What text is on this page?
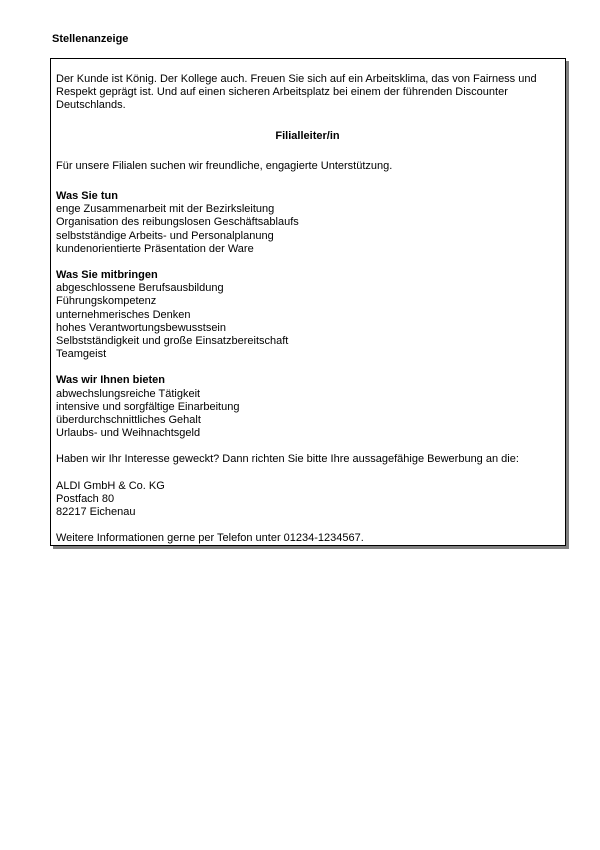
Stellenanzeige

Der Kunde ist König. Der Kollege auch. Freuen Sie sich auf ein Arbeitsklima, das von Fairness und Respekt geprägt ist. Und auf einen sicheren Arbeitsplatz bei einem der führenden Discounter Deutschlands.

Filialleiter/in

Für unsere Filialen suchen wir freundliche, engagierte Unterstützung.

Was Sie tun

enge Zusammenarbeit mit der Bezirksleitung
Organisation des reibungslosen Geschäftsablaufs
selbstständige Arbeits- und Personalplanung
kundenorientierte Präsentation der Ware

Was Sie mitbringen

abgeschlossene Berufsausbildung
Führungskompetenz
unternehmerisches Denken
hohes Verantwortungsbewusstsein
Selbstständigkeit und große Einsatzbereitschaft
Teamgeist

Was wir Ihnen bieten

abwechslungsreiche Tätigkeit
intensive und sorgfältige Einarbeitung
überdurchschnittliches Gehalt
Urlaubs- und Weihnachtsgeld

Haben wir Ihr Interesse geweckt? Dann richten Sie bitte Ihre aussagefähige Bewerbung an die:

ALDI GmbH & Co. KG

Postfach 80

82217 Eichenau

Weitere Informationen gerne per Telefon unter 01234-1234567.
